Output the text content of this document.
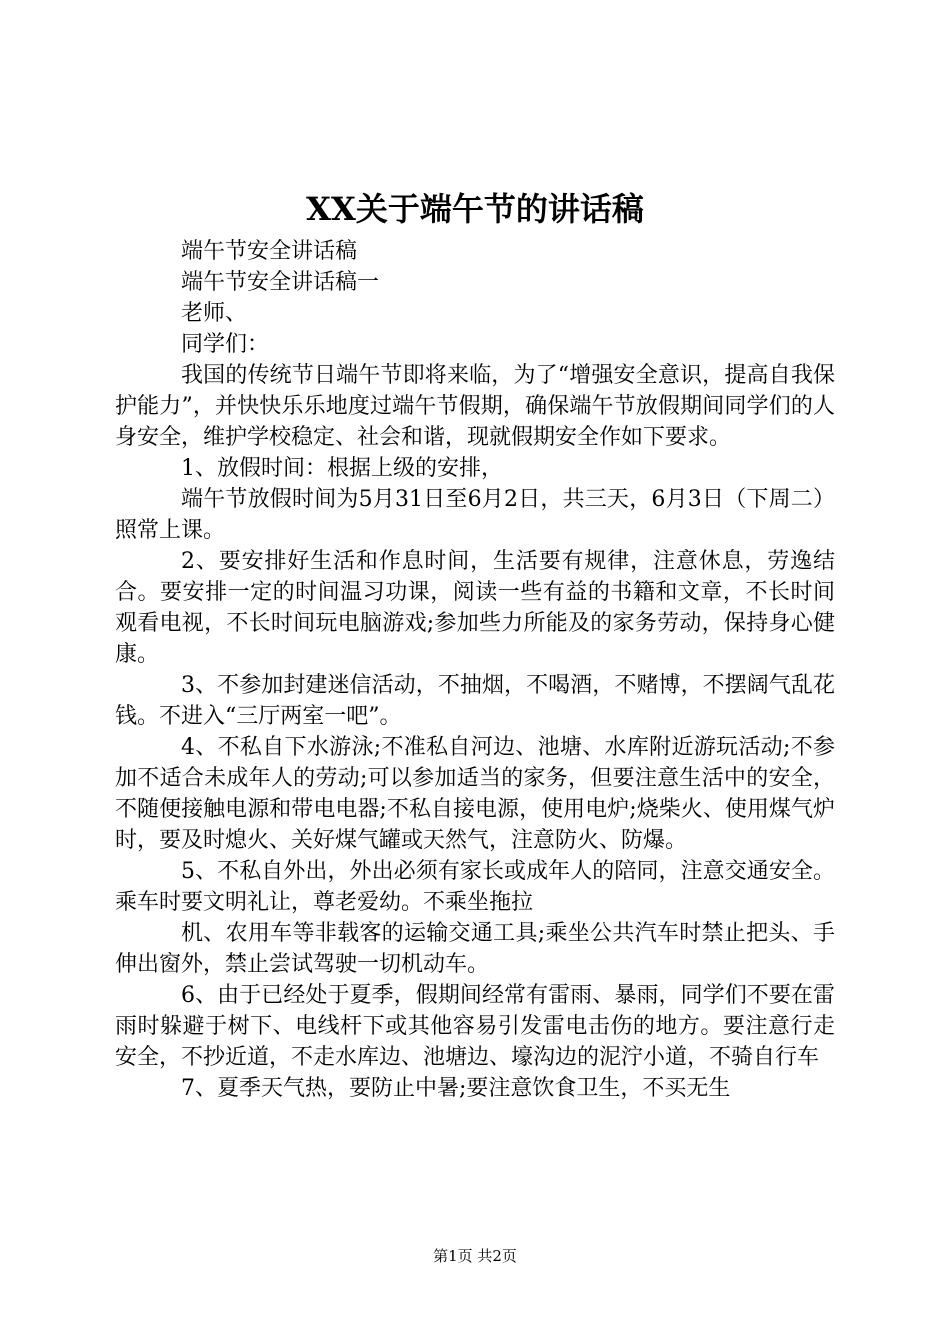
XX关于端午节的讲话稿

端午节安全讲话稿

端午节安全讲话稿一

老师、

同学们：

我国的传统节日端午节即将来临，为了“增强安全意识，提高自我保护能力”，并快快乐乐地度过端午节假期，确保端午节放假期间同学们的人身安全，维护学校稳定、社会和谐，现就假期安全作如下要求。

1、放假时间：根据上级的安排，

端午节放假时间为5月31日至6月2日，共三天，6月3日（下周二）照常上课。

2、要安排好生活和作息时间，生活要有规律，注意休息，劳逸结合。要安排一定的时间温习功课，阅读一些有益的书籍和文章，不长时间观看电视，不长时间玩电脑游戏;参加些力所能及的家务劳动，保持身心健康。

3、不参加封建迷信活动，不抽烟，不喝酒，不赌博，不摆阔气乱花钱。不进入“三厅两室一吧”。

4、不私自下水游泳;不准私自河边、池塘、水库附近游玩活动;不参加不适合未成年人的劳动;可以参加适当的家务，但要注意生活中的安全，不随便接触电源和带电电器;不私自接电源，使用电炉;烧柴火、使用煤气炉时，要及时熄火、关好煤气罐或天然气，注意防火、防爆。

5、不私自外出，外出必须有家长或成年人的陪同，注意交通安全。乘车时要文明礼让，尊老爱幼。不乘坐拖拉

机、农用车等非载客的运输交通工具;乘坐公共汽车时禁止把头、手伸出窗外，禁止尝试驾驶一切机动车。

6、由于已经处于夏季，假期间经常有雷雨、暴雨，同学们不要在雷雨时躲避于树下、电线杆下或其他容易引发雷电击伤的地方。要注意行走安全，不抄近道，不走水库边、池塘边、壕沟边的泥泞小道，不骑自行车

7、夏季天气热，要防止中暑;要注意饮食卫生，不买无生

第1页 共2页
